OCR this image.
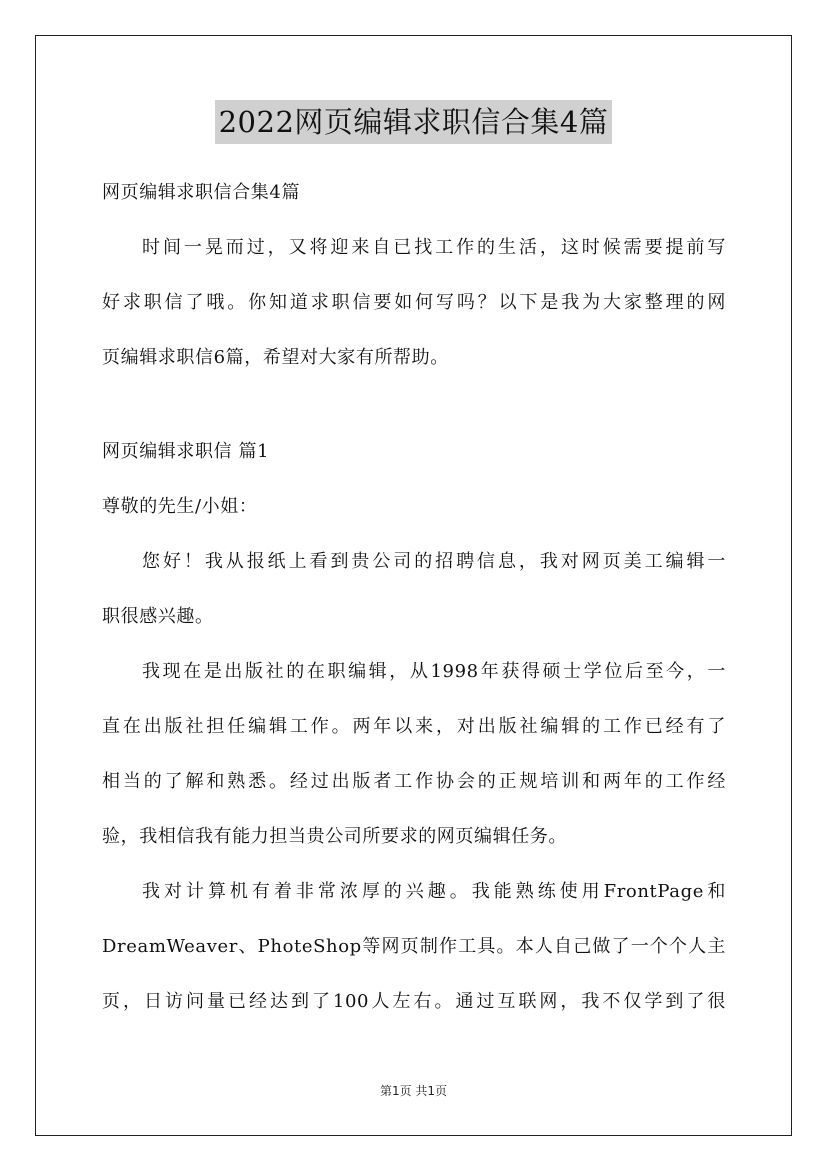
2022网页编辑求职信合集4篇
网页编辑求职信合集4篇
时间一晃而过，又将迎来自已找工作的生活，这时候需要提前写
好求职信了哦。你知道求职信要如何写吗？以下是我为大家整理的网
页编辑求职信6篇，希望对大家有所帮助。
网页编辑求职信 篇1
尊敬的先生/小姐：
您好！我从报纸上看到贵公司的招聘信息，我对网页美工编辑一
职很感兴趣。
我现在是出版社的在职编辑，从1998年获得硕士学位后至今，一
直在出版社担任编辑工作。两年以来，对出版社编辑的工作已经有了
相当的了解和熟悉。经过出版者工作协会的正规培训和两年的工作经
验，我相信我有能力担当贵公司所要求的网页编辑任务。
我对计算机有着非常浓厚的兴趣。我能熟练使用FrontPage和
DreamWeaver、PhoteShop等网页制作工具。本人自己做了一个个人主
页，日访问量已经达到了100人左右。通过互联网，我不仅学到了很
第1页 共1页
